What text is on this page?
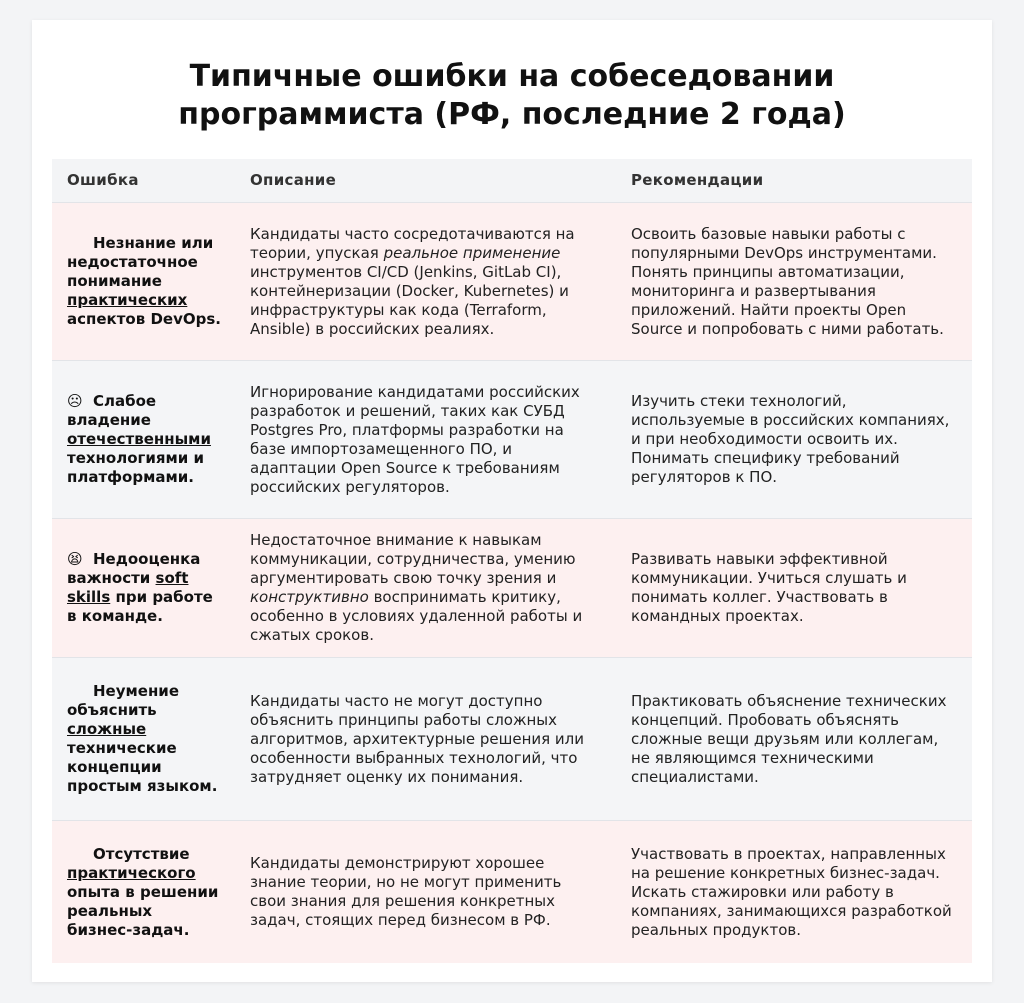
Типичные ошибки на собеседовании
программиста (РФ, последние 2 года)
Ошибка	Описание	Рекомендации
Незнание или недостаточное понимание практических аспектов DevOps.	Кандидаты часто сосредотачиваются на теории, упуская реальное применение инструментов CI/CD (Jenkins, GitLab CI), контейнеризации (Docker, Kubernetes) и инфраструктуры как кода (Terraform, Ansible) в российских реалиях.	Освоить базовые навыки работы с популярными DevOps инструментами. Понять принципы автоматизации, мониторинга и развертывания приложений. Найти проекты Open Source и попробовать с ними работать.
☹ Слабое владение отечественными технологиями и платформами.	Игнорирование кандидатами российских разработок и решений, таких как СУБД Postgres Pro, платформы разработки на базе импортозамещенного ПО, и адаптации Open Source к требованиям российских регуляторов.	Изучить стеки технологий, используемые в российских компаниях, и при необходимости освоить их. Понимать специфику требований регуляторов к ПО.
😫 Недооценка важности soft skills при работе в команде.	Недостаточное внимание к навыкам коммуникации, сотрудничества, умению аргументировать свою точку зрения и конструктивно воспринимать критику, особенно в условиях удаленной работы и сжатых сроков.	Развивать навыки эффективной коммуникации. Учиться слушать и понимать коллег. Участвовать в командных проектах.
Неумение объяснить сложные технические концепции простым языком.	Кандидаты часто не могут доступно объяснить принципы работы сложных алгоритмов, архитектурные решения или особенности выбранных технологий, что затрудняет оценку их понимания.	Практиковать объяснение технических концепций. Пробовать объяснять сложные вещи друзьям или коллегам, не являющимся техническими специалистами.
Отсутствие практического опыта в решении реальных бизнес-задач.	Кандидаты демонстрируют хорошее знание теории, но не могут применить свои знания для решения конкретных задач, стоящих перед бизнесом в РФ.	Участвовать в проектах, направленных на решение конкретных бизнес-задач. Искать стажировки или работу в компаниях, занимающихся разработкой реальных продуктов.
